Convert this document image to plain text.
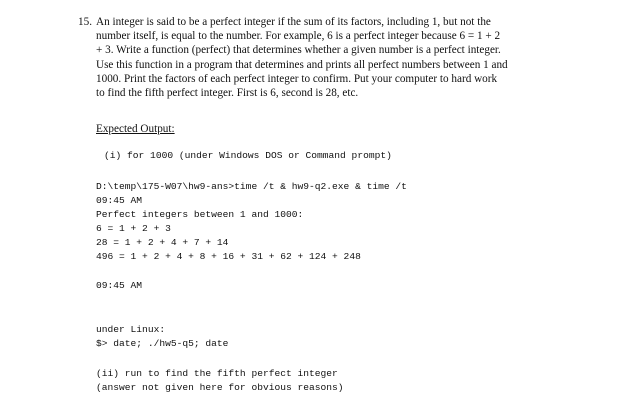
15. An integer is said to be a perfect integer if the sum of its factors, including 1, but not the
number itself, is equal to the number. For example, 6 is a perfect integer because 6 = 1 + 2
+ 3. Write a function (perfect) that determines whether a given number is a perfect integer.
Use this function in a program that determines and prints all perfect numbers between 1 and
1000. Print the factors of each perfect integer to confirm. Put your computer to hard work
to find the fifth perfect integer. First is 6, second is 28, etc.
Expected Output:
(i) for 1000 (under Windows DOS or Command prompt)
D:\temp\175-W07\hw9-ans>time /t & hw9-q2.exe & time /t
09:45 AM
Perfect integers between 1 and 1000:
6 = 1 + 2 + 3
28 = 1 + 2 + 4 + 7 + 14
496 = 1 + 2 + 4 + 8 + 16 + 31 + 62 + 124 + 248
09:45 AM
under Linux:
$> date; ./hw5-q5; date
(ii) run to find the fifth perfect integer
(answer not given here for obvious reasons)
